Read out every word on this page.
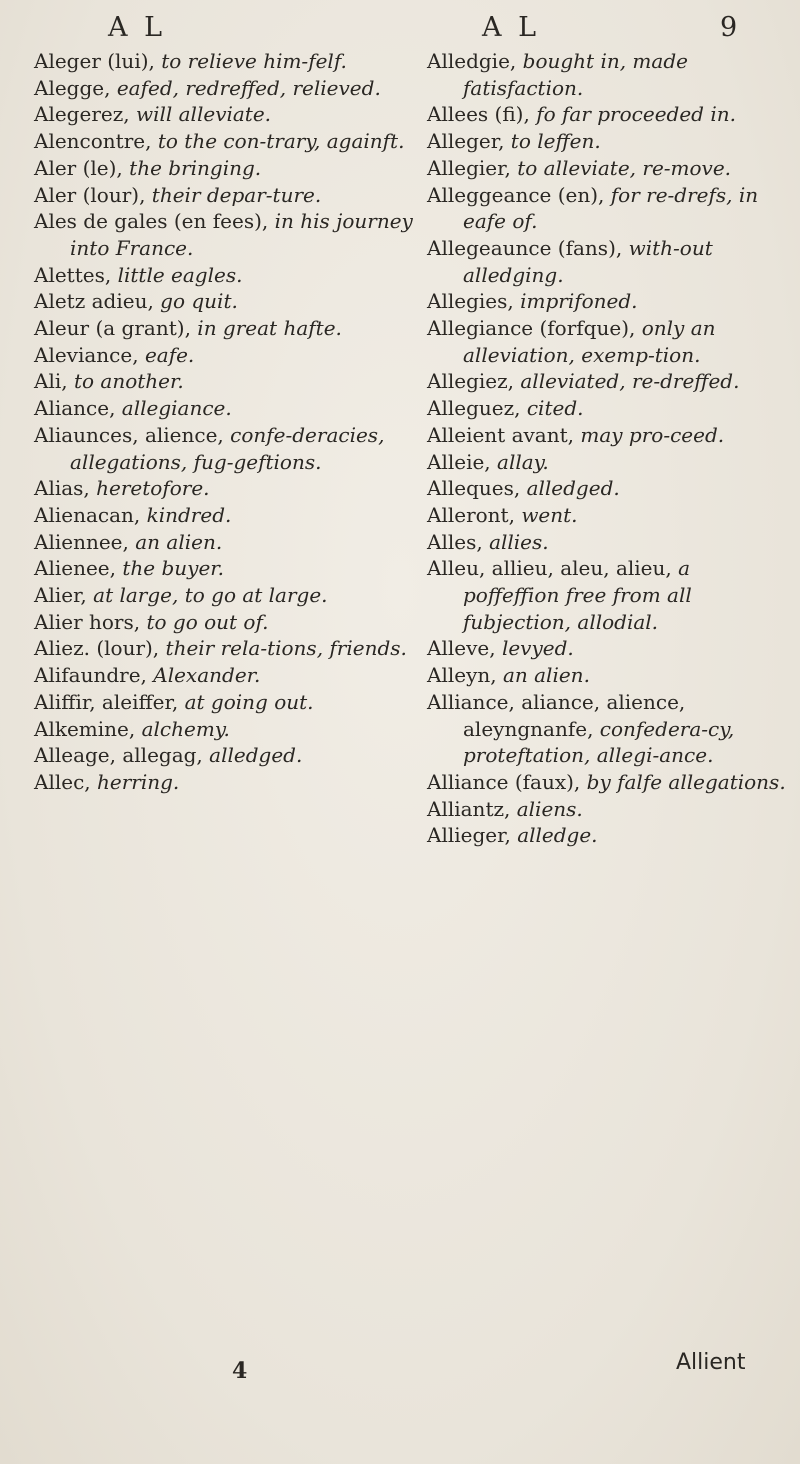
A L	A L	9

Aleger (lui), to relieve him-felf.

Alegge, eafed, redreffed, relieved.

Alegerez, will alleviate.

Alencontre, to the con-trary, againft.

Aler (le), the bringing.

Aler (lour), their depar-ture.

Ales de gales (en fees), in his journey into France.

Alettes, little eagles.

Aletz adieu, go quit.

Aleur (a grant), in great hafte.

Aleviance, eafe.

Ali, to another.

Aliance, allegiance.

Aliaunces, alience, confe-deracies, allegations, fug-geftions.

Alias, heretofore.

Alienacan, kindred.

Aliennee, an alien.

Alienee, the buyer.

Alier, at large, to go at large.

Alier hors, to go out of.

Aliez. (lour), their rela-tions, friends.

Alifaundre, Alexander.

Aliffir, aleiffer, at going out.

Alkemine, alchemy.

Alleage, allegag, alledged.

Allec, herring.

Alledgie, bought in, made fatisfaction.

Allees (fi), fo far proceeded in.

Alleger, to leffen.

Allegier, to alleviate, re-move.

Alleggeance (en), for re-drefs, in eafe of.

Allegeaunce (fans), with-out alledging.

Allegies, imprifoned.

Allegiance (forfque), only an alleviation, exemp-tion.

Allegiez, alleviated, re-dreffed.

Alleguez, cited.

Alleient avant, may pro-ceed.

Alleie, allay.

Alleques, alledged.

Alleront, went.

Alles, allies.

Alleu, allieu, aleu, alieu, a poffeffion free from all fubjection, allodial.

Alleve, levyed.

Alleyn, an alien.

Alliance, aliance, alience, aleyngnanfe, confedera-cy, proteftation, allegi-ance.

Alliance (faux), by falfe allegations.

Alliantz, aliens.

Allieger, alledge.

4	Allient
